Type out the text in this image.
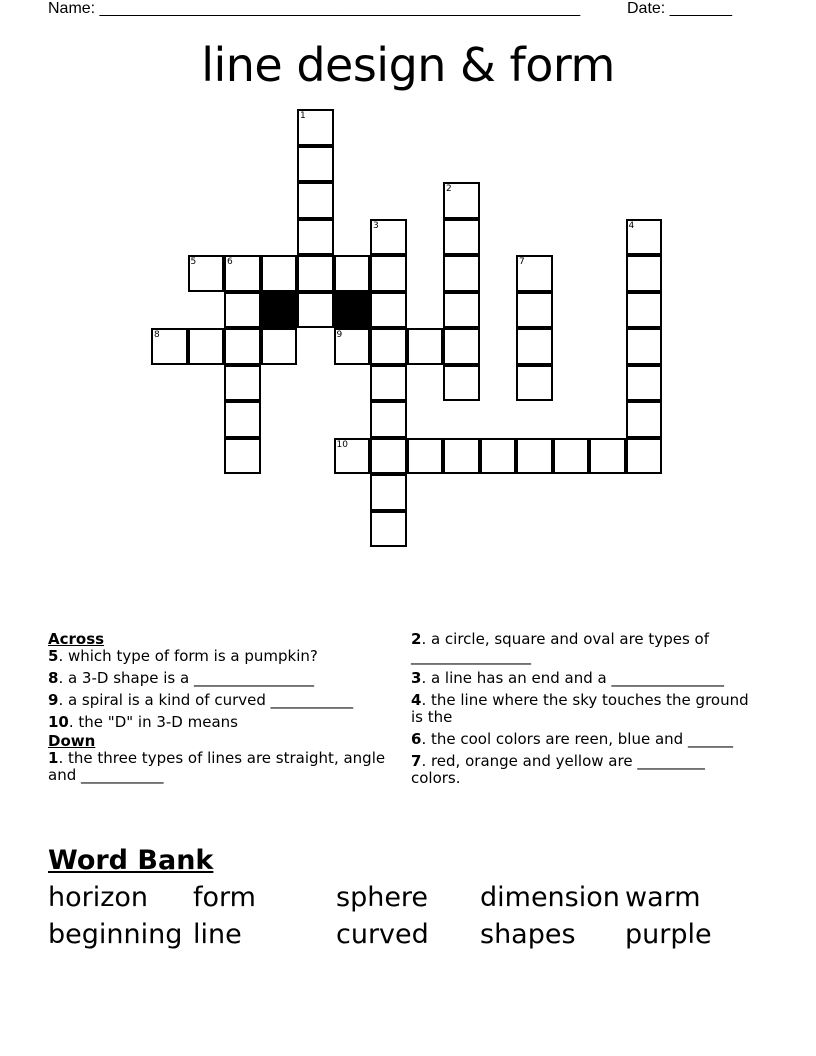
Name: ______________________________________________________	Date: _______
line design & form
1
2
3	4
5	6	7
8	9
10
Across
5. which type of form is a pumpkin?
8. a 3-D shape is a ________________
9. a spiral is a kind of curved ___________
10. the "D" in 3-D means
Down
1. the three types of lines are straight, angle and ___________
2. a circle, square and oval are types of ________________
3. a line has an end and a _______________
4. the line where the sky touches the ground is the
6. the cool colors are reen, blue and ______
7. red, orange and yellow are _________ colors.
Word Bank
horizon form	sphere dimension warm
beginning line	curved shapes purple
